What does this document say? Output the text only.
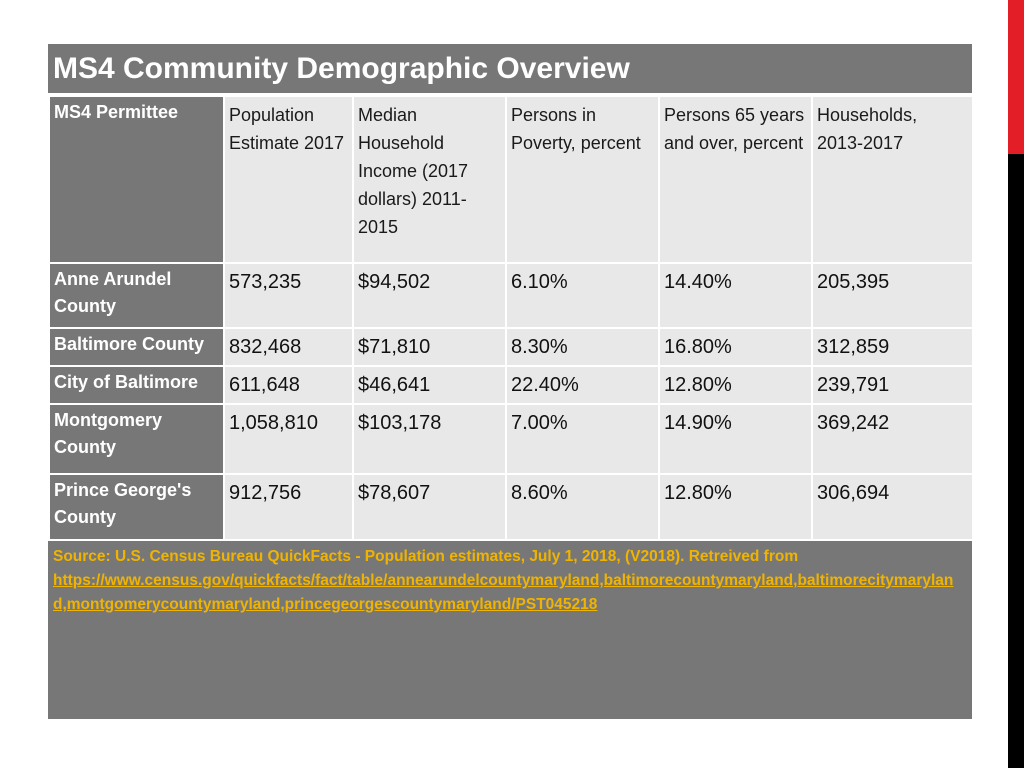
MS4 Community Demographic Overview
MS4 Permittee	Population Estimate 2017	Median Household Income (2017 dollars) 2011-2015	Persons in Poverty, percent	Persons 65 years and over, percent	Households, 2013-2017
Anne Arundel County	573,235	$94,502	6.10%	14.40%	205,395
Baltimore County	832,468	$71,810	8.30%	16.80%	312,859
City of Baltimore	611,648	$46,641	22.40%	12.80%	239,791
Montgomery County	1,058,810	$103,178	7.00%	14.90%	369,242
Prince George's County	912,756	$78,607	8.60%	12.80%	306,694
Source: U.S. Census Bureau QuickFacts - Population estimates, July 1, 2018, (V2018). Retreived from
https://www.census.gov/quickfacts/fact/table/annearundelcountymaryland,baltimorecountymaryland,baltimorecitymaryland,montgomerycountymaryland,princegeorgescountymaryland/PST045218
